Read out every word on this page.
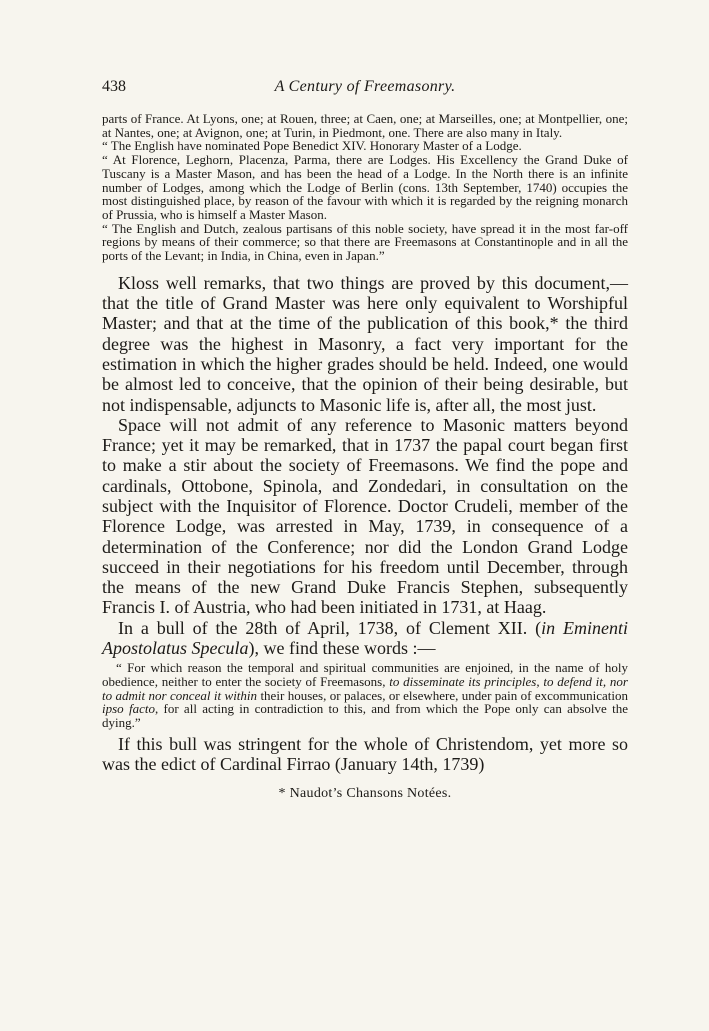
438	A Century of Freemasonry.

parts of France. At Lyons, one; at Rouen, three; at Caen, one; at Marseilles, one; at Montpellier, one; at Nantes, one; at Avignon, one; at Turin, in Piedmont, one. There are also many in Italy.

“ The English have nominated Pope Benedict XIV. Honorary Master of a Lodge.

“ At Florence, Leghorn, Placenza, Parma, there are Lodges. His Excellency the Grand Duke of Tuscany is a Master Mason, and has been the head of a Lodge. In the North there is an infinite number of Lodges, among which the Lodge of Berlin (cons. 13th September, 1740) occupies the most distinguished place, by reason of the favour with which it is regarded by the reigning monarch of Prussia, who is himself a Master Mason.

“ The English and Dutch, zealous partisans of this noble society, have spread it in the most far-off regions by means of their commerce; so that there are Freemasons at Constantinople and in all the ports of the Levant; in India, in China, even in Japan.”

Kloss well remarks, that two things are proved by this document,—that the title of Grand Master was here only equivalent to Worshipful Master; and that at the time of the publication of this book,* the third degree was the highest in Masonry, a fact very important for the estimation in which the higher grades should be held. Indeed, one would be almost led to conceive, that the opinion of their being desirable, but not indispensable, adjuncts to Masonic life is, after all, the most just.

Space will not admit of any reference to Masonic matters beyond France; yet it may be remarked, that in 1737 the papal court began first to make a stir about the society of Freemasons. We find the pope and cardinals, Ottobone, Spinola, and Zondedari, in consultation on the subject with the Inquisitor of Florence. Doctor Crudeli, member of the Florence Lodge, was arrested in May, 1739, in consequence of a determination of the Conference; nor did the London Grand Lodge succeed in their negotiations for his freedom until December, through the means of the new Grand Duke Francis Stephen, subsequently Francis I. of Austria, who had been initiated in 1731, at Haag.

In a bull of the 28th of April, 1738, of Clement XII. (in Eminenti Apostolatus Specula), we find these words :—

“ For which reason the temporal and spiritual communities are enjoined, in the name of holy obedience, neither to enter the society of Freemasons, to disseminate its principles, to defend it, nor to admit nor conceal it within their houses, or palaces, or elsewhere, under pain of excommunication ipso facto, for all acting in contradiction to this, and from which the Pope only can absolve the dying.”

If this bull was stringent for the whole of Christendom, yet more so was the edict of Cardinal Firrao (January 14th, 1739)

* Naudot’s Chansons Notées.
